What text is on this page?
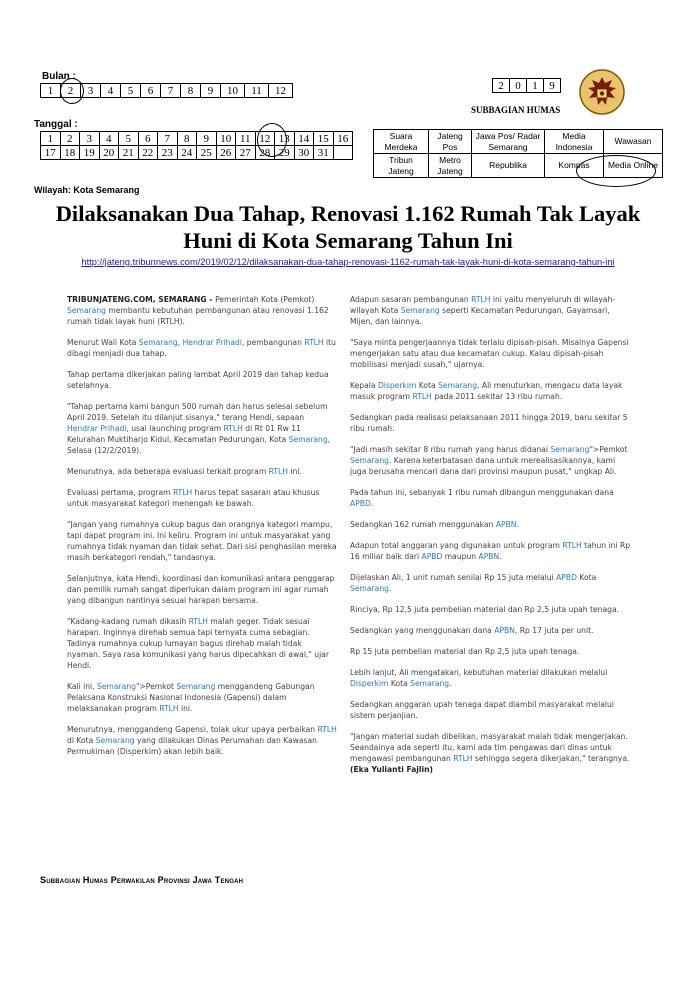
Bulan :
1	2	3	4	5	6	7	8	9	10	11	12
Tanggal :
1	2	3	4	5	6	7	8	9	10	11	12	13	14	15	16
17	18	19	20	21	22	23	24	25	26	27	28	29	30	31	
2	0	1	9
SUBBAGIAN HUMAS
Suara Merdeka	Jateng Pos	Jawa Pos/ Radar Semarang	Media Indonesia	Wawasan
Tribun Jateng	Metro Jateng	Republika	Kompas	Media Online
Wilayah: Kota Semarang
Dilaksanakan Dua Tahap, Renovasi 1.162 Rumah Tak Layak Huni di Kota Semarang Tahun Ini
http://jateng.tribunnews.com/2019/02/12/dilaksanakan-dua-tahap-renovasi-1162-rumah-tak-layak-huni-di-kota-semarang-tahun-ini

TRIBUNJATENG.COM, SEMARANG - Pemerintah Kota (Pemkot) Semarang membantu kebutuhan pembangunan atau renovasi 1.162 rumah tidak layak huni (RTLH).

Menurut Wali Kota Semarang, Hendrar Prihadi, pembangunan RTLH itu dibagi menjadi dua tahap.

Tahap pertama dikerjakan paling lambat April 2019 dan tahap kedua setelahnya.

"Tahap pertama kami bangun 500 rumah dan harus selesai sebelum April 2019. Setelah itu dilanjut sisanya," terang Hendi, sapaan Hendrar Prihadi, usai launching program RTLH di Rt 01 Rw 11 Kelurahan Muktiharjo Kidul, Kecamatan Pedurungan, Kota Semarang, Selasa (12/2/2019).

Menurutnya, ada beberapa evaluasi terkait program RTLH ini.

Evaluasi pertama, program RTLH harus tepat sasaran atau khusus untuk masyarakat kategori menengah ke bawah.

"Jangan yang rumahnya cukup bagus dan orangnya kategori mampu, tapi dapat program ini. Ini keliru. Program ini untuk masyarakat yang rumahnya tidak nyaman dan tidak sehat. Dari sisi penghasilan mereka masih berkategori rendah," tandasnya.

Selanjutnya, kata Hendi, koordinasi dan komunikasi antara penggarap dan pemilik rumah sangat diperlukan dalam program ini agar rumah yang dibangun nantinya sesuai harapan bersama.

"Kadang-kadang rumah dikasih RTLH malah geger. Tidak sesuai harapan. Inginnya direhab semua tapi ternyata cuma sebagian. Tadinya rumahnya cukup lumayan bagus direhab malah tidak nyaman. Saya rasa komunikasi yang harus dipecahkan di awal," ujar Hendi.

Kali ini, Semarang">Pemkot Semarang menggandeng Gabungan Pelaksana Konstruksi Nasional Indonesia (Gapensi) dalam melaksanakan program RTLH ini.

Menurutnya, menggandeng Gapensi, tolak ukur upaya perbaikan RTLH di Kota Semarang yang dilakukan Dinas Perumahan dan Kawasan Permukiman (Disperkim) akan lebih baik.

Adapun sasaran pembangunan RTLH ini yaitu menyeluruh di wilayah-wilayah Kota Semarang seperti Kecamatan Pedurungan, Gayamsari, Mijen, dan lainnya.

"Saya minta pengerjaannya tidak terlalu dipisah-pisah. Misalnya Gapensi mengerjakan satu atau dua kecamatan cukup. Kalau dipisah-pisah mobilisasi menjadi susah," ujarnya.

Kepala Disperkim Kota Semarang, Ali menuturkan, mengacu data layak masuk program RTLH pada 2011 sekitar 13 ribu rumah.

Sedangkan pada realisasi pelaksanaan 2011 hingga 2019, baru sekitar 5 ribu rumah.

"Jadi masih sekitar 8 ribu rumah yang harus didanai Semarang">Pemkot Semarang. Karena keterbatasan dana untuk merealisasikannya, kami juga berusaha mencari dana dari provinsi maupun pusat," ungkap Ali.

Pada tahun ini, sebanyak 1 ribu rumah dibangun menggunakan dana APBD.

Sedangkan 162 rumah menggunakan APBN.

Adapun total anggaran yang digunakan untuk program RTLH tahun ini Rp 16 miliar baik dari APBD maupun APBN.

Dijelaskan Ali, 1 unit rumah senilai Rp 15 juta melalui APBD Kota Semarang.

Rinciya, Rp 12,5 juta pembelian material dan Rp 2,5 juta upah tenaga.

Sedangkan yang menggunakan dana APBN, Rp 17 juta per unit.

Rp 15 juta pembelian material dan Rp 2,5 juta upah tenaga.

Lebih lanjut, Ali mengatakan, kebutuhan material dilakukan melalui Disperkim Kota Semarang.

Sedangkan anggaran upah tenaga dapat diambil masyarakat melalui sistem perjanjian.

"Jangan material sudah dibelikan, masyarakat malah tidak mengerjakan. Seandainya ada seperti itu, kami ada tim pengawas dari dinas untuk mengawasi pembangunan RTLH sehingga segera dikerjakan," terangnya. (Eka Yulianti Fajlin)

Subbagian Humas Perwakilan Provinsi Jawa Tengah
